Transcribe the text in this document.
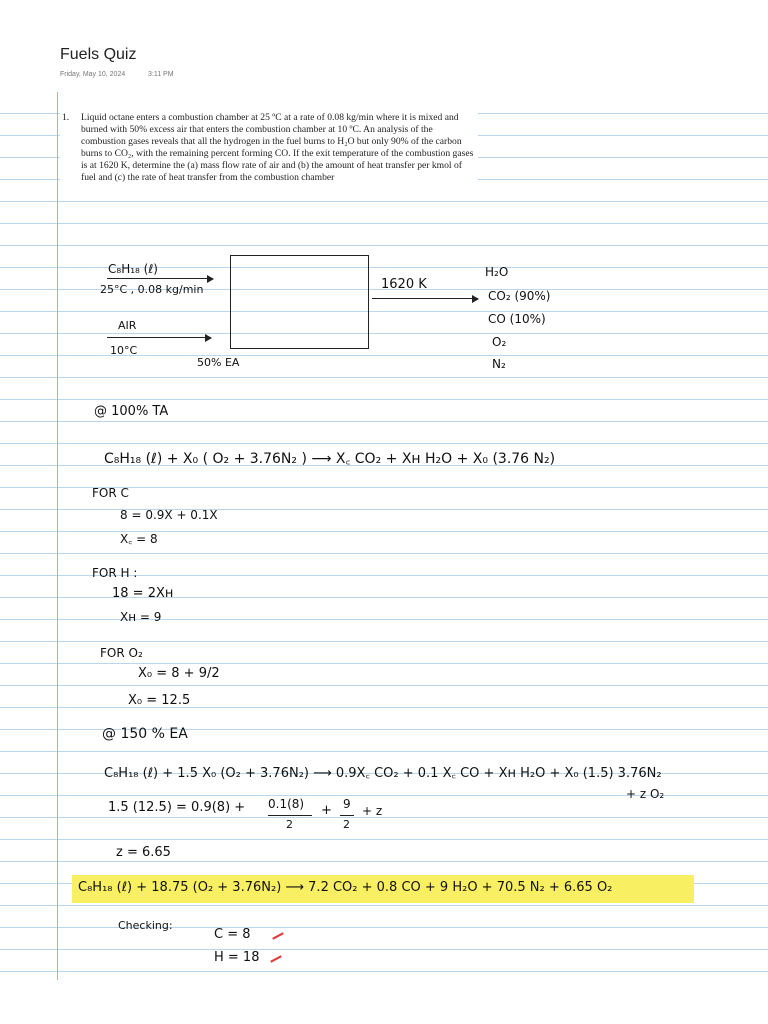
Fuels Quiz
Friday, May 10, 2024	3:11 PM
1. Liquid octane enters a combustion chamber at 25 ºC at a rate of 0.08 kg/min where it is mixed and burned with 50% excess air that enters the combustion chamber at 10 ºC. An analysis of the combustion gases reveals that all the hydrogen in the fuel burns to H₂O but only 90% of the carbon burns to CO₂, with the remaining percent forming CO. If the exit temperature of the combustion gases is at 1620 K, determine the (a) mass flow rate of air and (b) the amount of heat transfer per kmol of fuel and (c) the rate of heat transfer from the combustion chamber
C₈H₁₈ (ℓ)
25°C , 0.08 kg/min
AIR
10°C
50% EA
1620 K
H₂O
CO₂ (90%)
CO (10%)
O₂
N₂
@ 100% TA
C₈H₁₈ (ℓ) + X₀ ( O₂ + 3.76N₂ ) ⟶ X꜀ CO₂ + Xʜ H₂O + X₀ (3.76 N₂)
FOR C
8 = 0.9X + 0.1X
X꜀ = 8
FOR H :
18 = 2Xʜ
Xʜ = 9
FOR O₂
X₀ = 8 + 9/2
X₀ = 12.5
@ 150 % EA
C₈H₁₈ (ℓ) + 1.5 X₀ (O₂ + 3.76N₂) ⟶ 0.9X꜀ CO₂ + 0.1 X꜀ CO + Xʜ H₂O + X₀ (1.5) 3.76N₂
+ z O₂
1.5 (12.5) = 0.9(8) + 0.1(8)
2
+ 9
2
+ z
z = 6.65
C₈H₁₈ (ℓ) + 18.75 (O₂ + 3.76N₂) ⟶ 7.2 CO₂ + 0.8 CO + 9 H₂O + 70.5 N₂ + 6.65 O₂
Checking:
C = 8
H = 18
